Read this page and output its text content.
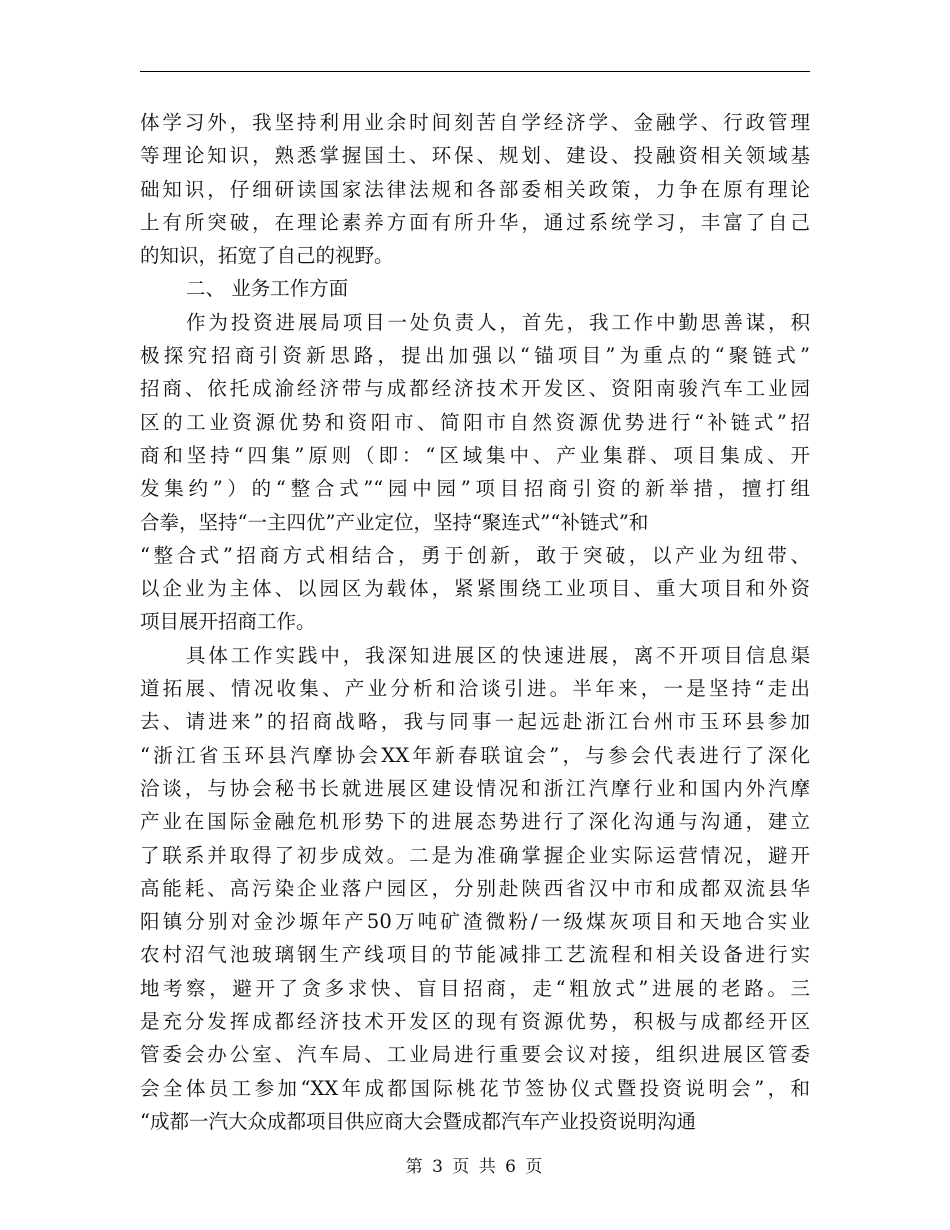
体学习外，我坚持利用业余时间刻苦自学经济学、金融学、行政管理
等理论知识，熟悉掌握国土、环保、规划、建设、投融资相关领域基
础知识，仔细研读国家法律法规和各部委相关政策，力争在原有理论
上有所突破，在理论素养方面有所升华，通过系统学习，丰富了自己
的知识，拓宽了自己的视野。
二、 业务工作方面
作为投资进展局项目一处负责人，首先，我工作中勤思善谋，积
极探究招商引资新思路，提出加强以“锚项目”为重点的“聚链式”
招商、依托成渝经济带与成都经济技术开发区、资阳南骏汽车工业园
区的工业资源优势和资阳市、简阳市自然资源优势进行“补链式”招
商和坚持“四集”原则（即：“区域集中、产业集群、项目集成、开
发集约”）的“整合式”“园中园”项目招商引资的新举措，擅打组
合拳，坚持“一主四优”产业定位，坚持“聚连式”“补链式”和
“整合式”招商方式相结合，勇于创新，敢于突破，以产业为纽带、
以企业为主体、以园区为载体，紧紧围绕工业项目、重大项目和外资
项目展开招商工作。
具体工作实践中，我深知进展区的快速进展，离不开项目信息渠
道拓展、情况收集、产业分析和洽谈引进。半年来，一是坚持“走出
去、请进来”的招商战略，我与同事一起远赴浙江台州市玉环县参加
“浙江省玉环县汽摩协会XX年新春联谊会”，与参会代表进行了深化
洽谈，与协会秘书长就进展区建设情况和浙江汽摩行业和国内外汽摩
产业在国际金融危机形势下的进展态势进行了深化沟通与沟通，建立
了联系并取得了初步成效。二是为准确掌握企业实际运营情况，避开
高能耗、高污染企业落户园区，分别赴陕西省汉中市和成都双流县华
阳镇分别对金沙塬年产50万吨矿渣微粉/一级煤灰项目和天地合实业
农村沼气池玻璃钢生产线项目的节能减排工艺流程和相关设备进行实
地考察，避开了贪多求快、盲目招商，走“粗放式”进展的老路。三
是充分发挥成都经济技术开发区的现有资源优势，积极与成都经开区
管委会办公室、汽车局、工业局进行重要会议对接，组织进展区管委
会全体员工参加“XX年成都国际桃花节签协仪式暨投资说明会”，和
“成都一汽大众成都项目供应商大会暨成都汽车产业投资说明沟通
第 3 页 共 6 页
